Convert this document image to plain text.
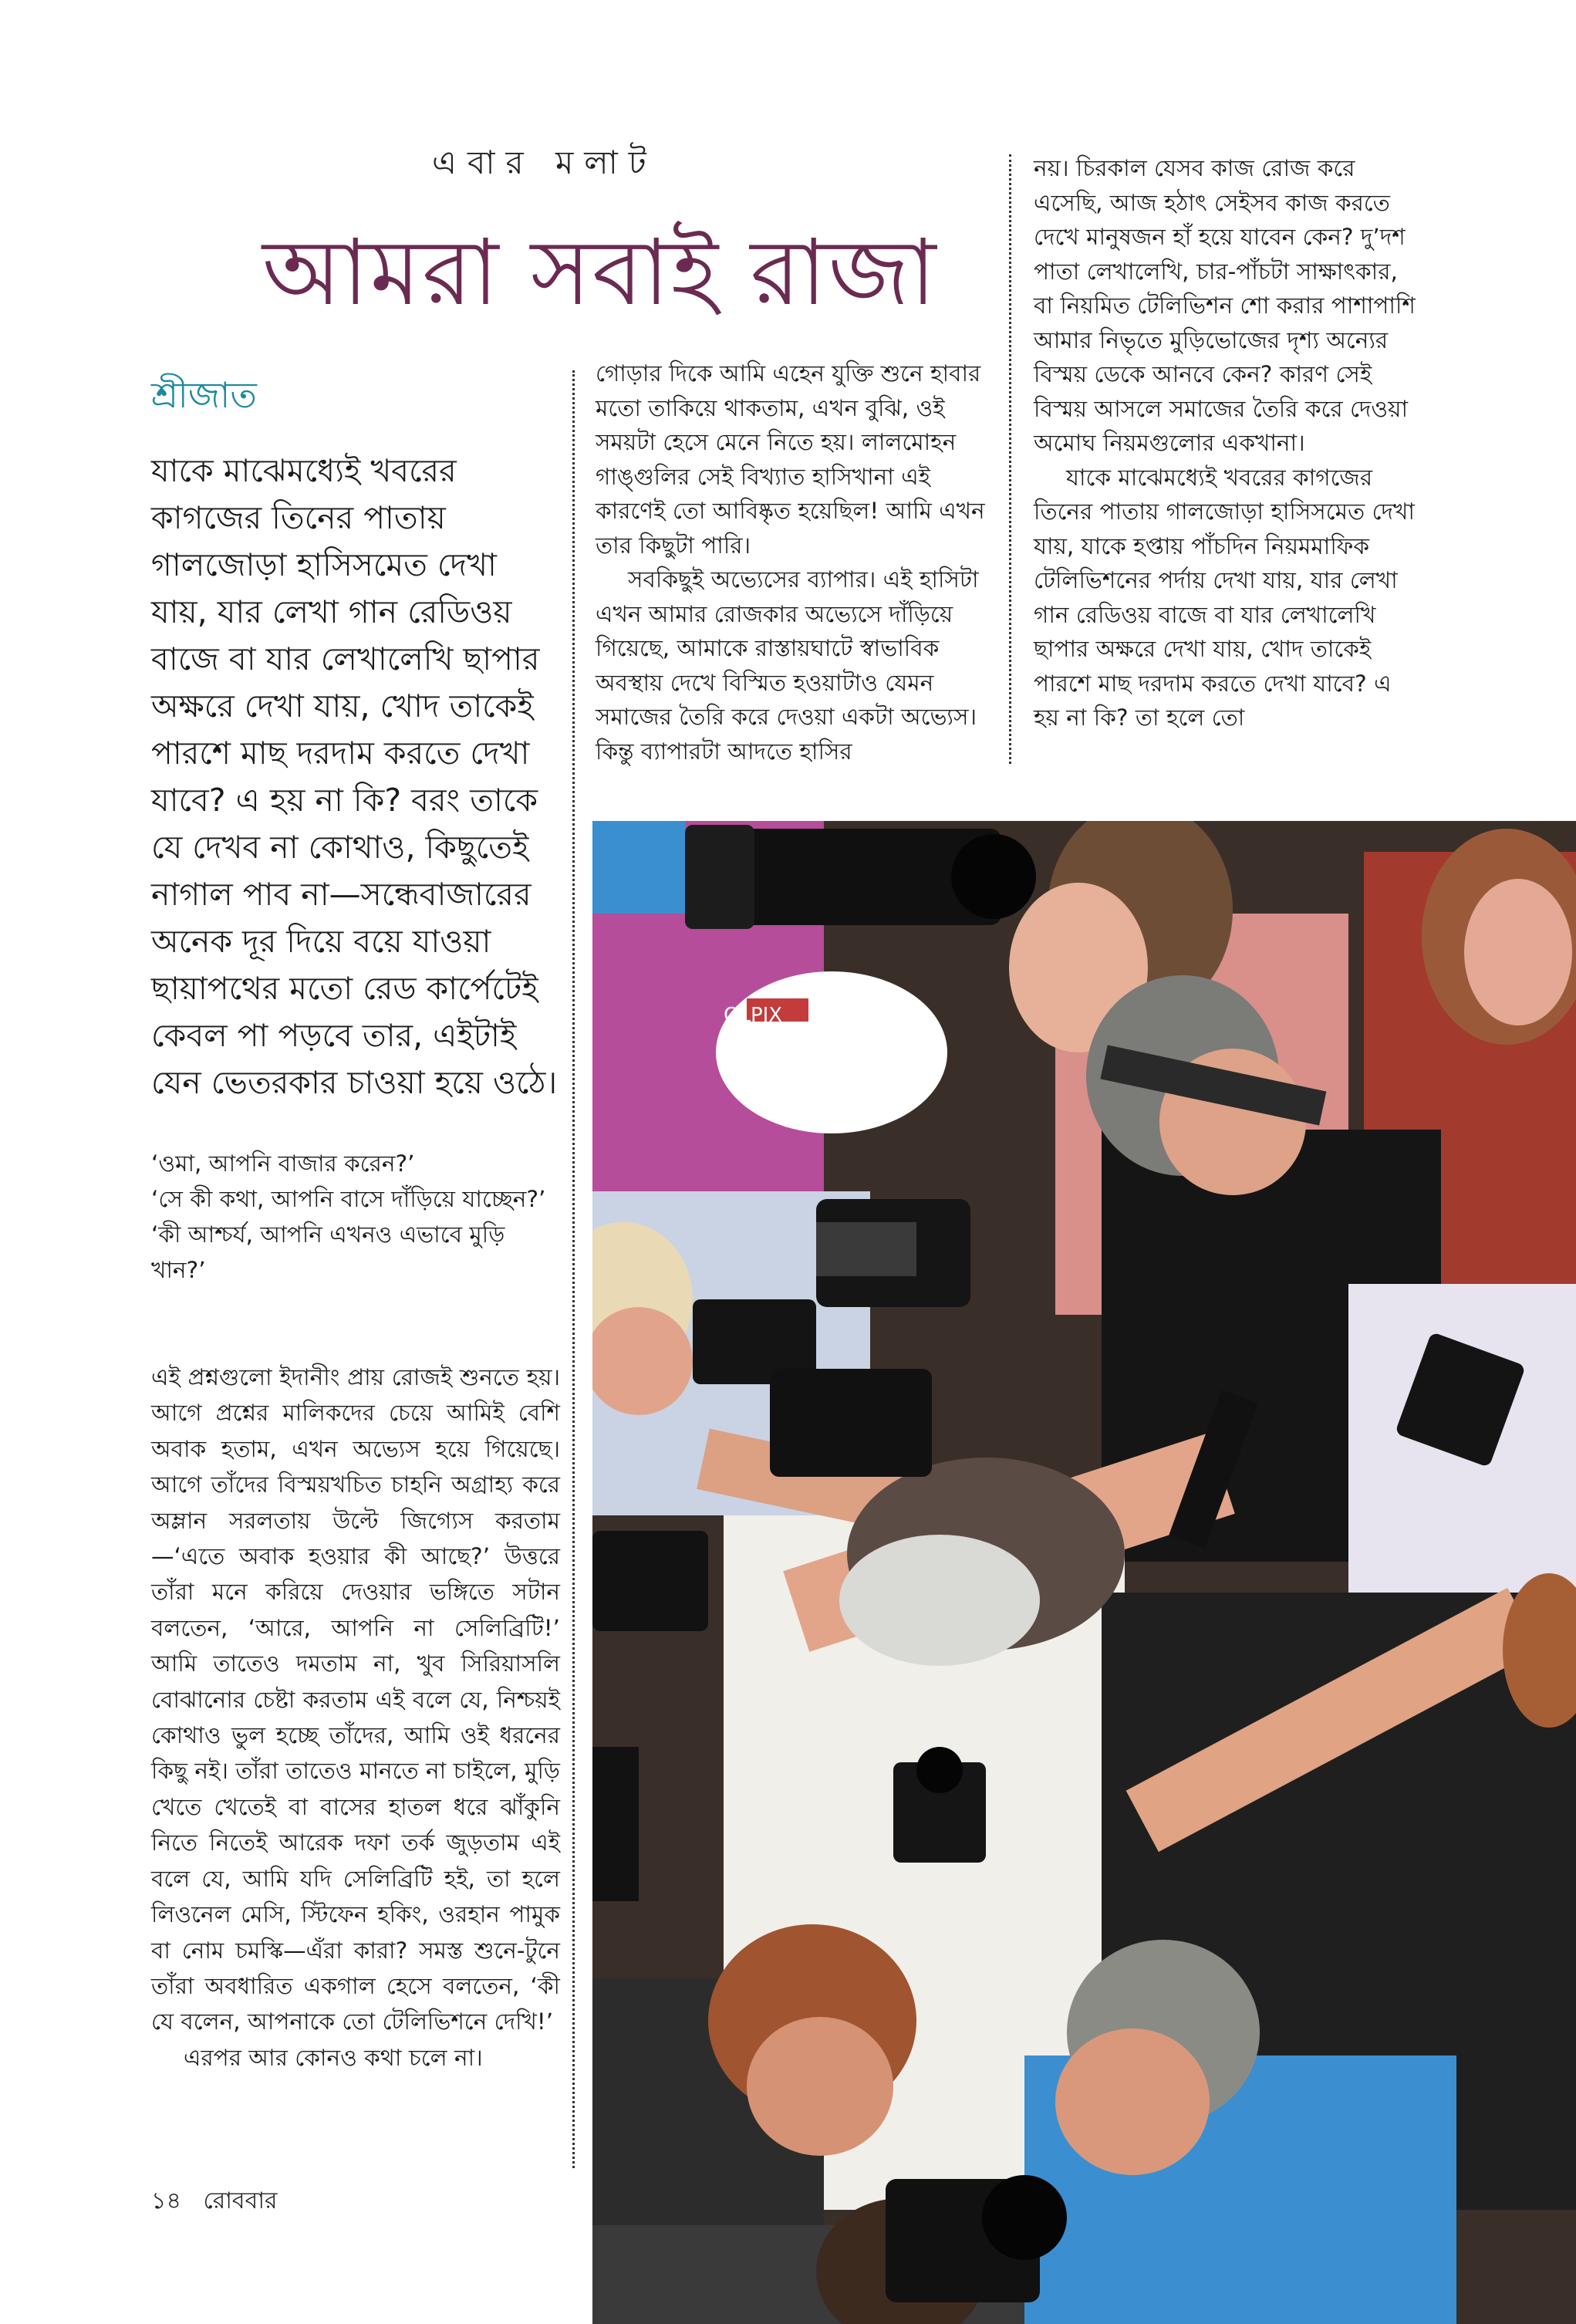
এবার মলাট
আমরা সবাই রাজা
শ্রীজাত
যাকে মাঝেমধ্যেই খবরের কাগজের তিনের পাতায় গালজোড়া হাসিসমেত দেখা যায়, যার লেখা গান রেডিওয় বাজে বা যার লেখালেখি ছাপার অক্ষরে দেখা যায়, খোদ তাকেই পারশে মাছ দরদাম করতে দেখা যাবে? এ হয় না কি? বরং তাকে যে দেখব না কোথাও, কিছুতেই নাগাল পাব না—সন্ধেবাজারের অনেক দূর দিয়ে বয়ে যাওয়া ছায়াপথের মতো রেড কার্পেটেই কেবল পা পড়বে তার, এইটাই যেন ভেতরকার চাওয়া হয়ে ওঠে।
‘ওমা, আপনি বাজার করেন?’
‘সে কী কথা, আপনি বাসে দাঁড়িয়ে যাচ্ছেন?’
‘কী আশ্চর্য, আপনি এখনও এভাবে মুড়ি খান?’

এই প্রশ্নগুলো ইদানীং প্রায় রোজই শুনতে হয়। আগে প্রশ্নের মালিকদের চেয়ে আমিই বেশি অবাক হতাম, এখন অভ্যেস হয়ে গিয়েছে। আগে তাঁদের বিস্ময়খচিত চাহনি অগ্রাহ্য করে অম্লান সরলতায় উল্টে জিগ্যেস করতাম—‘এতে অবাক হওয়ার কী আছে?’ উত্তরে তাঁরা মনে করিয়ে দেওয়ার ভঙ্গিতে সটান বলতেন, ‘আরে, আপনি না সেলিব্রিটি!’ আমি তাতেও দমতাম না, খুব সিরিয়াসলি বোঝানোর চেষ্টা করতাম এই বলে যে, নিশ্চয়ই কোথাও ভুল হচ্ছে তাঁদের, আমি ওই ধরনের কিছু নই। তাঁরা তাতেও মানতে না চাইলে, মুড়ি খেতে খেতেই বা বাসের হাতল ধরে ঝাঁকুনি নিতে নিতেই আরেক দফা তর্ক জুড়তাম এই বলে যে, আমি যদি সেলিব্রিটি হই, তা হলে লিওনেল মেসি, স্টিফেন হকিং, ওরহান পামুক বা নোম চমস্কি—এঁরা কারা? সমস্ত শুনে-টুনে তাঁরা অবধারিত একগাল হেসে বলতেন, ‘কী যে বলেন, আপনাকে তো টেলিভিশনে দেখি!’

এরপর আর কোনও কথা চলে না।

গোড়ার দিকে আমি এহেন যুক্তি শুনে হাবার মতো তাকিয়ে থাকতাম, এখন বুঝি, ওই সময়টা হেসে মেনে নিতে হয়। লালমোহন গাঙ্গুলির সেই বিখ্যাত হাসিখানা এই কারণেই তো আবিষ্কৃত হয়েছিল! আমি এখন তার কিছুটা পারি।

সবকিছুই অভ্যেসের ব্যাপার। এই হাসিটা এখন আমার রোজকার অভ্যেসে দাঁড়িয়ে গিয়েছে, আমাকে রাস্তায়ঘাটে স্বাভাবিক অবস্থায় দেখে বিস্মিত হওয়াটাও যেমন সমাজের তৈরি করে দেওয়া একটা অভ্যেস। কিন্তু ব্যাপারটা আদতে হাসির

নয়। চিরকাল যেসব কাজ রোজ করে এসেছি, আজ হঠাৎ সেইসব কাজ করতে দেখে মানুষজন হাঁ হয়ে যাবেন কেন? দু’দশ পাতা লেখালেখি, চার-পাঁচটা সাক্ষাৎকার, বা নিয়মিত টেলিভিশন শো করার পাশাপাশি আমার নিভৃতে মুড়িভোজের দৃশ্য অন্যের বিস্ময় ডেকে আনবে কেন? কারণ সেই বিস্ময় আসলে সমাজের তৈরি করে দেওয়া অমোঘ নিয়মগুলোর একখানা।

যাকে মাঝেমধ্যেই খবরের কাগজের তিনের পাতায় গালজোড়া হাসিসমেত দেখা যায়, যাকে হপ্তায় পাঁচদিন নিয়মমাফিক টেলিভিশনের পর্দায় দেখা যায়, যার লেখা গান রেডিওয় বাজে বা যার লেখালেখি ছাপার অক্ষরে দেখা যায়, খোদ তাকেই পারশে মাছ দরদাম করতে দেখা যাবে? এ হয় না কি? তা হলে তো

OLPIX
১৪ রোববার
